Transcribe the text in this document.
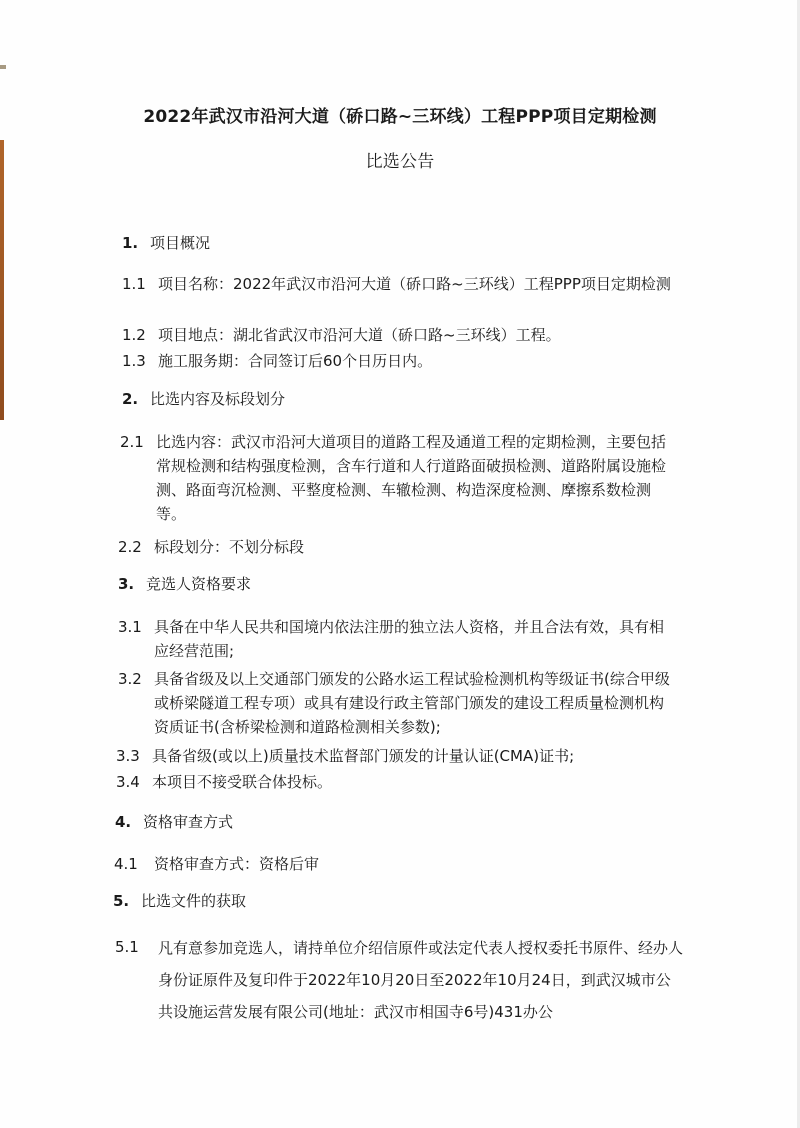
2022年武汉市沿河大道（硚口路~三环线）工程PPP项目定期检测
比选公告
1. 项目概况
1.1 项目名称：2022年武汉市沿河大道（硚口路~三环线）工程PPP项目定期检测
1.2 项目地点：湖北省武汉市沿河大道（硚口路~三环线）工程。
1.3 施工服务期：合同签订后60个日历日内。
2. 比选内容及标段划分
2.1 比选内容：武汉市沿河大道项目的道路工程及通道工程的定期检测，主要包括常规检测和结构强度检测，含车行道和人行道路面破损检测、道路附属设施检测、路面弯沉检测、平整度检测、车辙检测、构造深度检测、摩擦系数检测等。
2.2 标段划分：不划分标段
3. 竞选人资格要求
3.1 具备在中华人民共和国境内依法注册的独立法人资格，并且合法有效，具有相应经营范围;
3.2 具备省级及以上交通部门颁发的公路水运工程试验检测机构等级证书(综合甲级或桥梁隧道工程专项）或具有建设行政主管部门颁发的建设工程质量检测机构资质证书(含桥梁检测和道路检测相关参数);
3.3 具备省级(或以上)质量技术监督部门颁发的计量认证(CMA)证书;
3.4 本项目不接受联合体投标。
4. 资格审查方式
4.1	资格审查方式：资格后审
5. 比选文件的获取
5.1	凡有意参加竞选人，请持单位介绍信原件或法定代表人授权委托书原件、经办人身份证原件及复印件于2022年10月20日至2022年10月24日，到武汉城市公共设施运营发展有限公司(地址：武汉市相国寺6号)431办公
